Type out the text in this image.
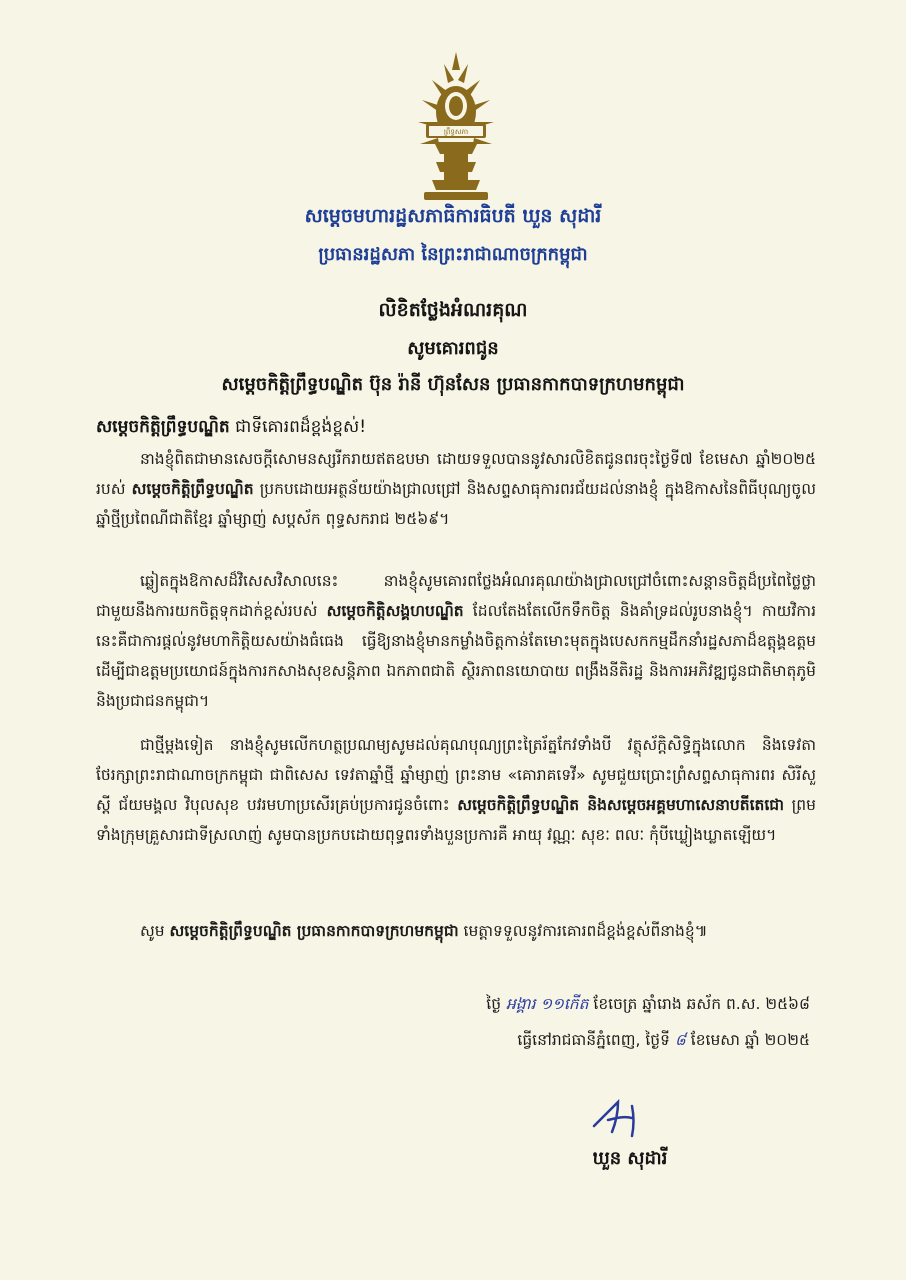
ព្រឹទ្ធសភា
សម្តេចមហារដ្ឋសភាធិការធិបតី ឃួន សុដារី
ប្រធានរដ្ឋសភា នៃព្រះរាជាណាចក្រកម្ពុជា
លិខិតថ្លែងអំណរគុណ
សូមគោរពជូន
សម្តេចកិត្តិព្រឹទ្ធបណ្ឌិត ប៊ុន រ៉ានី ហ៊ុនសែន ប្រធានកាកបាទក្រហមកម្ពុជា
សម្តេចកិត្តិព្រឹទ្ធបណ្ឌិត ជាទីគោរពដ៏ខ្ពង់ខ្ពស់!

នាងខ្ញុំពិតជាមានសេចក្តីសោមនស្សរីករាយឥតឧបមា ដោយទទួលបាននូវសារលិខិតជូនពរចុះថ្ងៃទី៧ ខែមេសា ឆ្នាំ២០២៥ របស់ សម្តេចកិត្តិព្រឹទ្ធបណ្ឌិត ប្រកបដោយអត្ថន័យយ៉ាងជ្រាលជ្រៅ និងសព្ទសាធុការពរជ័យដល់នាងខ្ញុំ ក្នុងឱកាសនៃពិធីបុណ្យចូលឆ្នាំថ្មីប្រពៃណីជាតិខ្មែរ ឆ្នាំម្សាញ់ សប្តស័ក ពុទ្ធសករាជ ២៥៦៩។

ឆ្លៀតក្នុងឱកាសដ៏វិសេសវិសាលនេះ នាងខ្ញុំសូមគោរពថ្លែងអំណរគុណយ៉ាងជ្រាលជ្រៅចំពោះសន្ដានចិត្តដ៏ប្រពៃថ្លៃថ្លា ជាមួយនឹងការយកចិត្តទុកដាក់ខ្ពស់របស់ សម្តេចកិត្តិសង្គហបណ្ឌិត ដែលតែងតែលើកទឹកចិត្ត និងគាំទ្រដល់រូបនាងខ្ញុំ។ កាយវិការនេះគឺជាការផ្តល់នូវមហាកិត្តិយសយ៉ាងធំធេង ធ្វើឱ្យនាងខ្ញុំមានកម្លាំងចិត្តកាន់តែមោះមុតក្នុងបេសកកម្មដឹកនាំរដ្ឋសភាដ៏ឧត្តុង្គឧត្តម ដើម្បីជាឧត្តមប្រយោជន៍ក្នុងការកសាងសុខសន្តិភាព ឯកភាពជាតិ ស្ថិរភាពនយោបាយ ពង្រឹងនីតិរដ្ឋ និងការអភិវឌ្ឍជូនជាតិមាតុភូមិ និងប្រជាជនកម្ពុជា។

ជាថ្មីម្តងទៀត នាងខ្ញុំសូមលើកហត្ថប្រណម្យសូមដល់គុណបុណ្យព្រះត្រៃរ័ត្នកែវទាំងបី វត្ថុស័ក្តិសិទ្ធិក្នុងលោក និងទេវតាថែរក្សាព្រះរាជាណាចក្រកម្ពុជា ជាពិសេស ទេវតាឆ្នាំថ្មី ឆ្នាំម្សាញ់ ព្រះនាម «គោរាគទេវី» សូមជួយប្រោះព្រំសព្ទសាធុការពរ សិរីសួស្តី ជ័យមង្គល វិបុលសុខ បវរមហាប្រសើរគ្រប់ប្រការជូនចំពោះ សម្តេចកិត្តិព្រឹទ្ធបណ្ឌិត និងសម្តេចអគ្គមហាសេនាបតីតេជោ ព្រមទាំងក្រុមគ្រួសារជាទីស្រលាញ់ សូមបានប្រកបដោយពុទ្ធពរទាំងបួនប្រការគឺ អាយុ វណ្ណៈ សុខៈ ពលៈ កុំបីឃ្លៀងឃ្លាតឡើយ។

សូម សម្តេចកិត្តិព្រឹទ្ធបណ្ឌិត ប្រធានកាកបាទក្រហមកម្ពុជា មេត្តាទទួលនូវការគោរពដ៏ខ្ពង់ខ្ពស់ពីនាងខ្ញុំ៕

ថ្ងៃ អង្គារ ១១កើត ខែចេត្រ ឆ្នាំរោង ឆស័ក ព.ស. ២៥៦៨
ធ្វើនៅរាជធានីភ្នំពេញ, ថ្ងៃទី ៨ ខែមេសា ឆ្នាំ ២០២៥
ឃួន សុដារី
